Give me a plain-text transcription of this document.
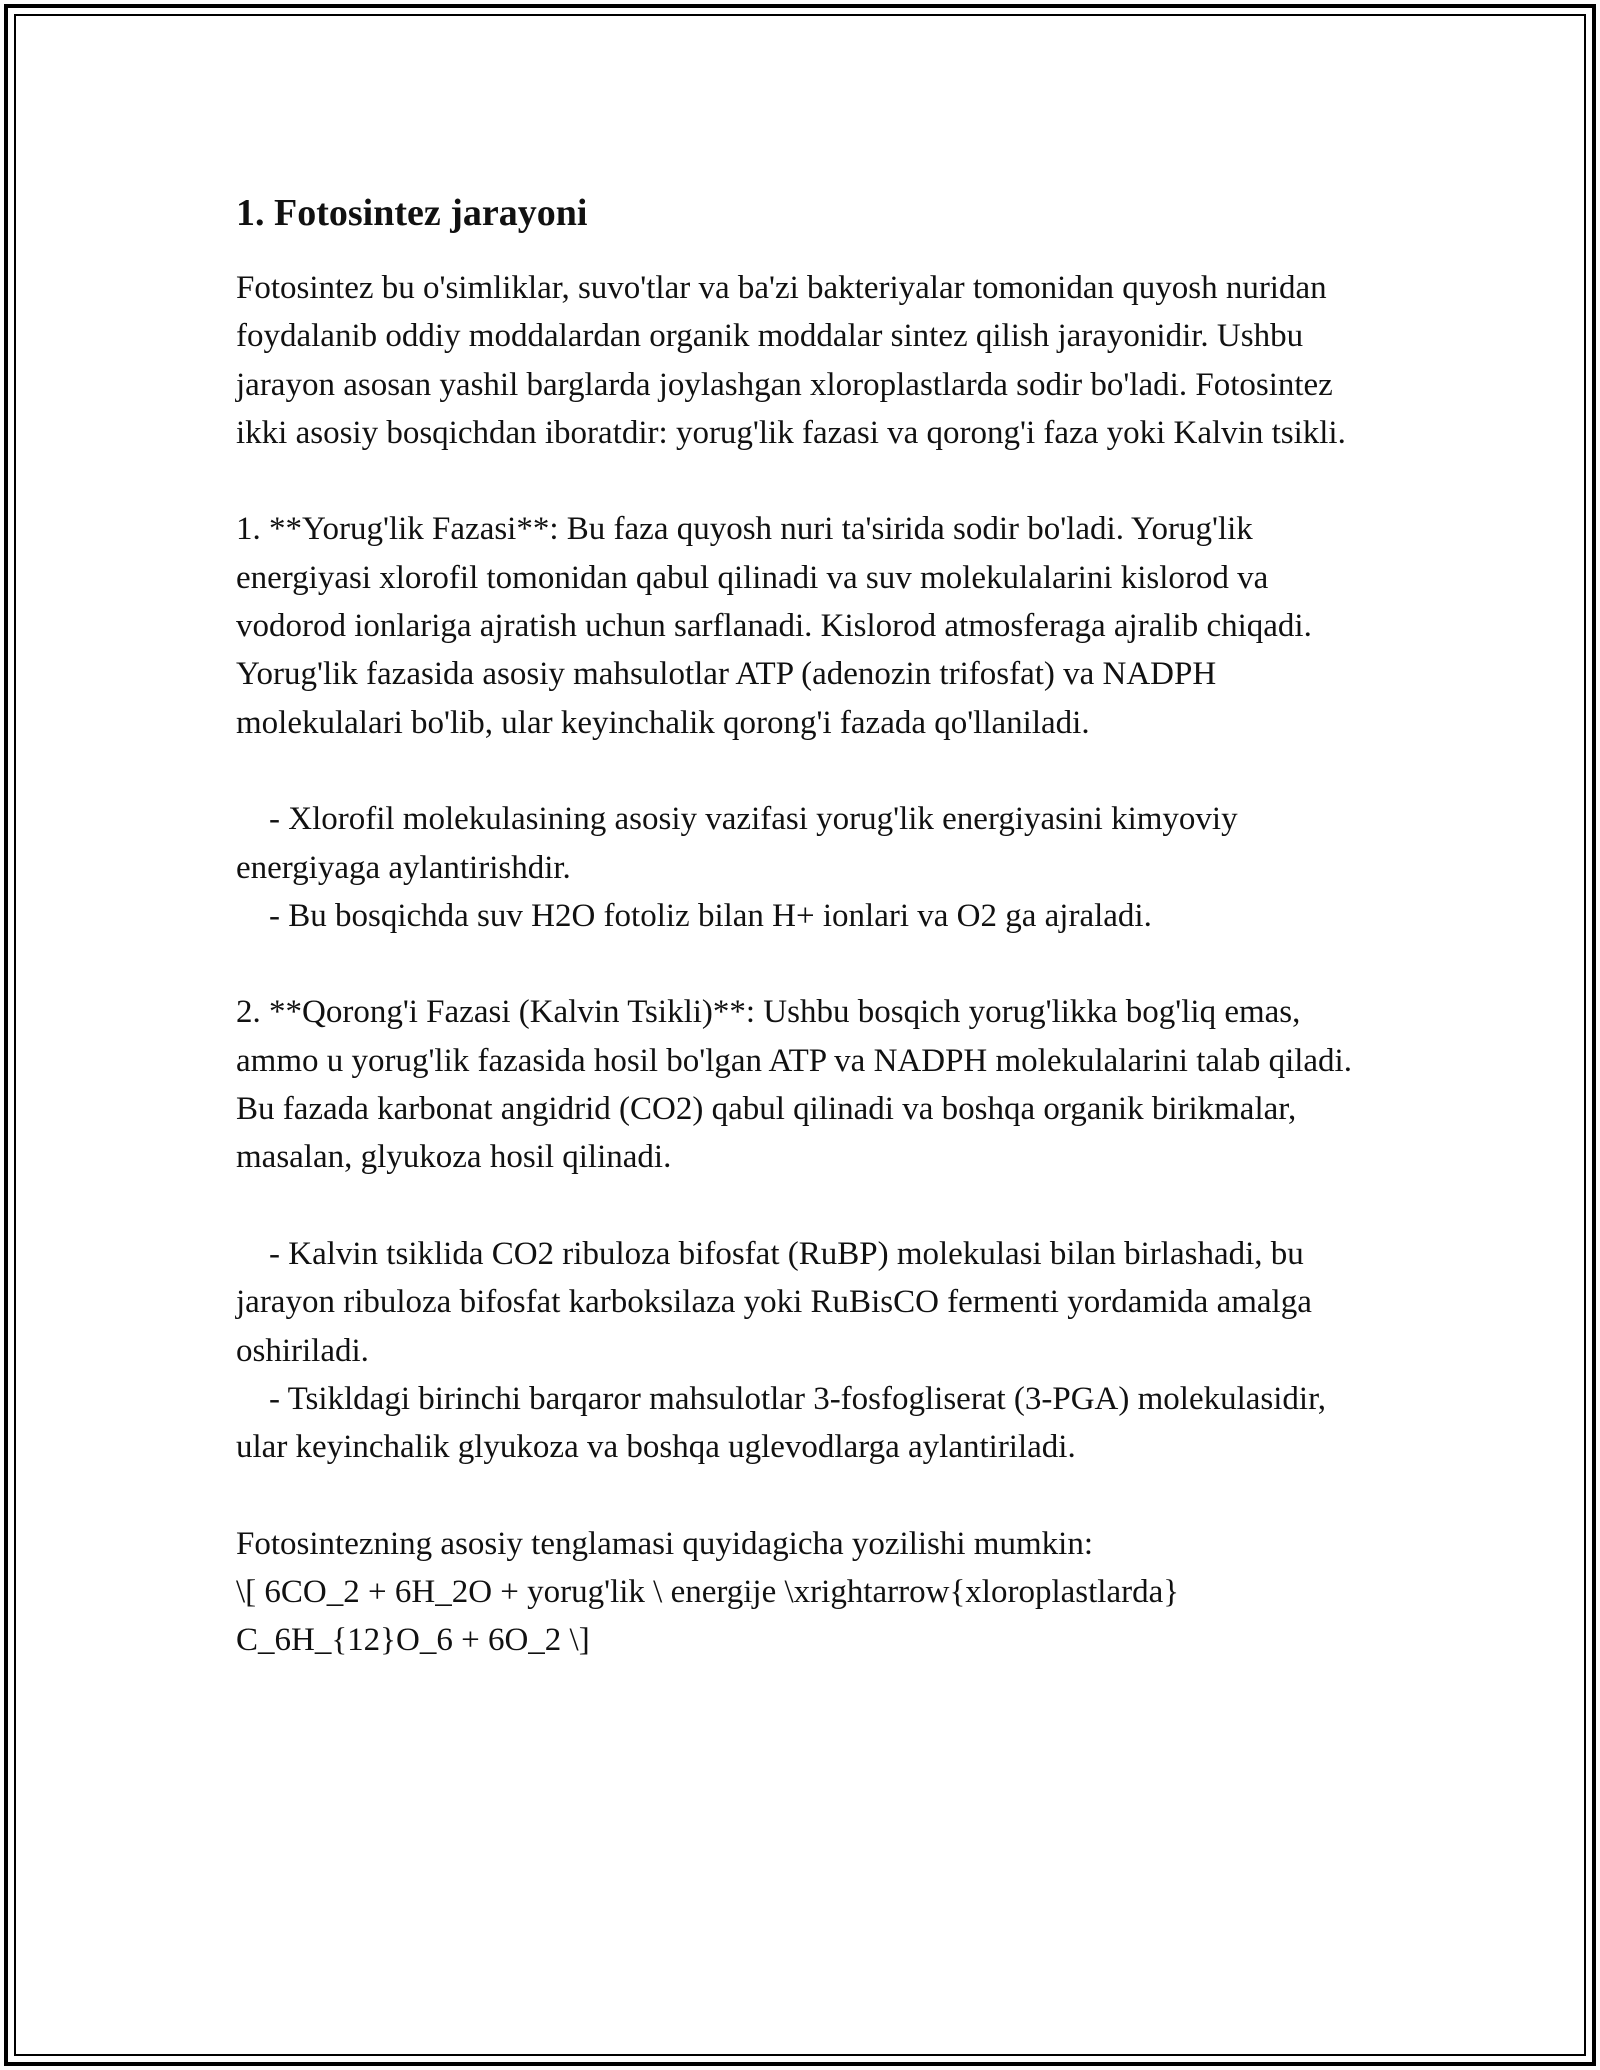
1. Fotosintez jarayoni

Fotosintez bu o'simliklar, suvo'tlar va ba'zi bakteriyalar tomonidan quyosh nuridan foydalanib oddiy moddalardan organik moddalar sintez qilish jarayonidir. Ushbu jarayon asosan yashil barglarda joylashgan xloroplastlarda sodir bo'ladi. Fotosintez ikki asosiy bosqichdan iboratdir: yorug'lik fazasi va qorong'i faza yoki Kalvin tsikli.

1. **Yorug'lik Fazasi**: Bu faza quyosh nuri ta'sirida sodir bo'ladi. Yorug'lik energiyasi xlorofil tomonidan qabul qilinadi va suv molekulalarini kislorod va vodorod ionlariga ajratish uchun sarflanadi. Kislorod atmosferaga ajralib chiqadi. Yorug'lik fazasida asosiy mahsulotlar ATP (adenozin trifosfat) va NADPH molekulalari bo'lib, ular keyinchalik qorong'i fazada qo'llaniladi.

- Xlorofil molekulasining asosiy vazifasi yorug'lik energiyasini kimyoviy energiyaga aylantirishdir.
- Bu bosqichda suv H2O fotoliz bilan H+ ionlari va O2 ga ajraladi.

2. **Qorong'i Fazasi (Kalvin Tsikli)**: Ushbu bosqich yorug'likka bog'liq emas, ammo u yorug'lik fazasida hosil bo'lgan ATP va NADPH molekulalarini talab qiladi. Bu fazada karbonat angidrid (CO2) qabul qilinadi va boshqa organik birikmalar, masalan, glyukoza hosil qilinadi.

- Kalvin tsiklida CO2 ribuloza bifosfat (RuBP) molekulasi bilan birlashadi, bu jarayon ribuloza bifosfat karboksilaza yoki RuBisCO fermenti yordamida amalga oshiriladi.
- Tsikldagi birinchi barqaror mahsulotlar 3-fosfogliserat (3-PGA) molekulasidir, ular keyinchalik glyukoza va boshqa uglevodlarga aylantiriladi.

Fotosintezning asosiy tenglamasi quyidagicha yozilishi mumkin:
\[ 6CO_2 + 6H_2O + yorug'lik \ energije \xrightarrow{xloroplastlarda} C_6H_{12}O_6 + 6O_2 \]
